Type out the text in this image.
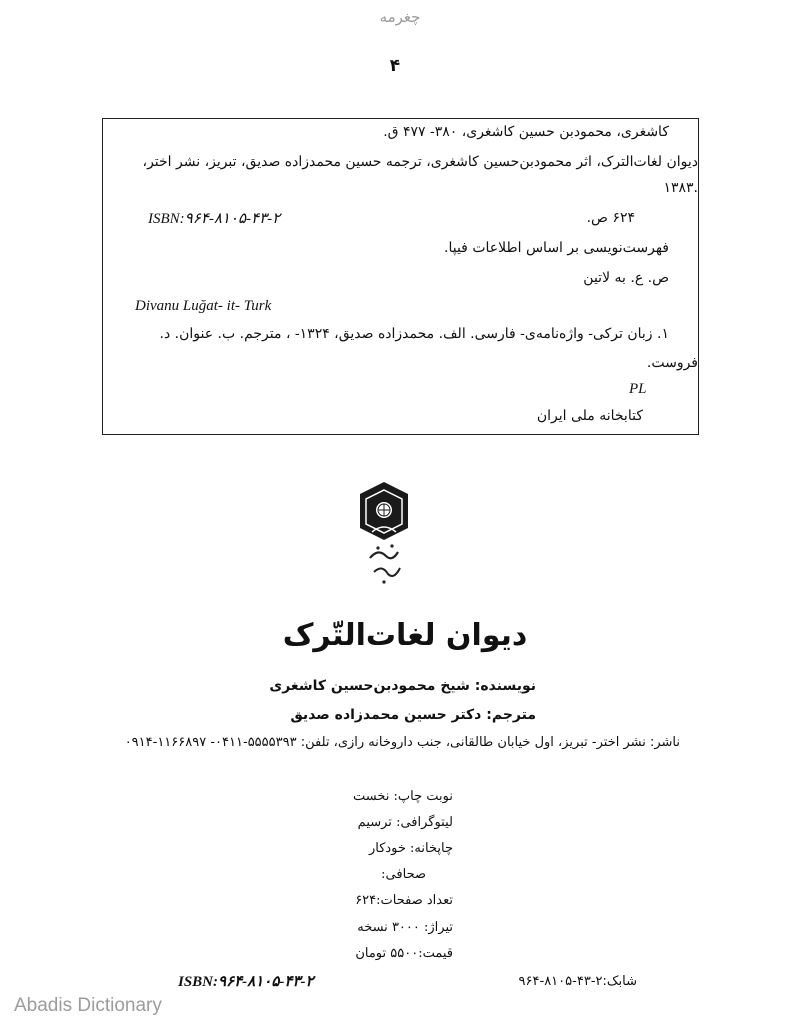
چغرمه
۴
کاشغری، محمودبن حسین کاشغری، ۳۸۰- ۴۷۷ ق.
دیوان لغات‌الترک، اثر محمودبن‌حسین کاشغری، ترجمه حسین محمدزاده صدیق، تبریز، نشر اختر،
۱۳۸۳.
۶۲۴ ص.
ISBN:۹۶۴-۸۱۰۵-۴۳-۲
فهرست‌نویسی بر اساس اطلاعات فیپا.
ص. ع. به لاتین
Divanu Luğat- it- Turk
۱. زبان ترکی- واژه‌نامه‌ی- فارسی. الف. محمدزاده صدیق، ۱۳۲۴- ، مترجم. ب. عنوان. د.
فروست.
PL
کتابخانه ملی ایران
دیوان لغات‌التّرک
نویسنده: شیخ محمودبن‌حسین کاشغری
مترجم: دکتر حسین محمدزاده صدیق
ناشر: نشر اختر- تبریز، اول خیابان طالقانی، جنب داروخانه رازی، تلفن: ۵۵۵۵۳۹۳-۰۴۱۱- ۱۱۶۶۸۹۷-۰۹۱۴
نوبت چاپ: نخست
لیتوگرافی: ترسیم
چاپخانه: خودکار
صحافی:
تعداد صفحات:۶۲۴
تیراژ: ۳۰۰۰ نسخه
قیمت:۵۵۰۰ تومان
ISBN:۹۶۴-۸۱۰۵-۴۳-۲	شابک:۲-۴۳-۸۱۰۵-۹۶۴
Abadis Dictionary
